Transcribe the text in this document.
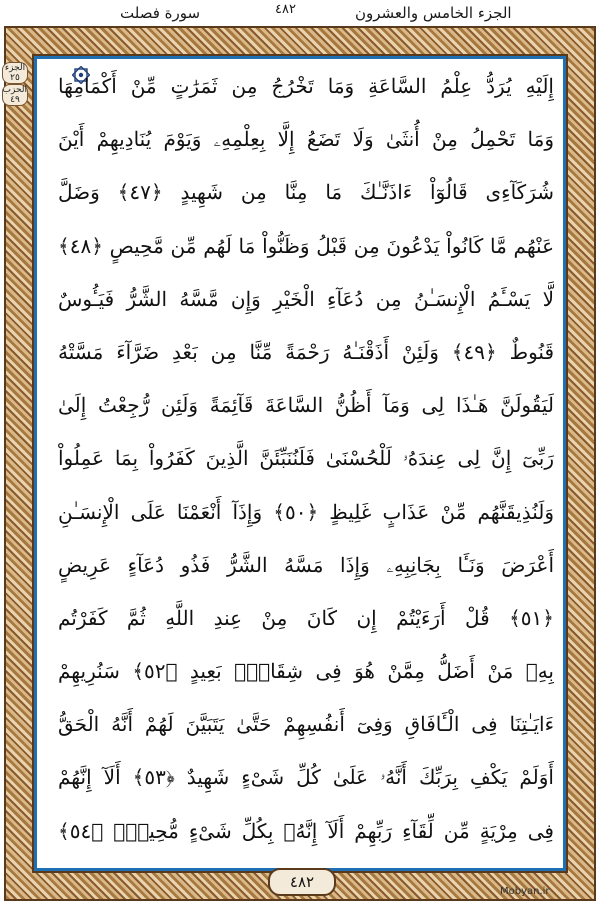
الجزء الخامس والعشرون
٤٨٢
سورة فصلت
الجزء ٢٥
الحزب ٤٩
إِلَيْهِ يُرَدُّ عِلْمُ السَّاعَةِ وَمَا تَخْرُجُ مِن ثَمَرَٰتٍ مِّنْ أَكْمَامِهَا
وَمَا تَحْمِلُ مِنْ أُنثَىٰ وَلَا تَضَعُ إِلَّا بِعِلْمِهِۦ وَيَوْمَ يُنَادِيهِمْ أَيْنَ
شُرَكَآءِى قَالُوٓاْ ءَاذَنَّـٰكَ مَا مِنَّا مِن شَهِيدٍ ﴿٤٧﴾ وَضَلَّ
عَنْهُم مَّا كَانُواْ يَدْعُونَ مِن قَبْلُ وَظَنُّواْ مَا لَهُم مِّن مَّحِيصٍ ﴿٤٨﴾
لَّا يَسْـَٔمُ الْإِنسَـٰنُ مِن دُعَآءِ الْخَيْرِ وَإِن مَّسَّهُ الشَّرُّ فَيَـُٔوسٌ
قَنُوطٌ ﴿٤٩﴾ وَلَئِنْ أَذَقْنَـٰهُ رَحْمَةً مِّنَّا مِن بَعْدِ ضَرَّآءَ مَسَّتْهُ
لَيَقُولَنَّ هَـٰذَا لِى وَمَآ أَظُنُّ السَّاعَةَ قَآئِمَةً وَلَئِن رُّجِعْتُ إِلَىٰ
رَبِّىٓ إِنَّ لِى عِندَهُۥ لَلْحُسْنَىٰ فَلَنُنَبِّئَنَّ الَّذِينَ كَفَرُواْ بِمَا عَمِلُواْ
وَلَنُذِيقَنَّهُم مِّنْ عَذَابٍ غَلِيظٍ ﴿٥٠﴾ وَإِذَآ أَنْعَمْنَا عَلَى الْإِنسَـٰنِ
أَعْرَضَ وَنَـَٔا بِجَانِبِهِۦ وَإِذَا مَسَّهُ الشَّرُّ فَذُو دُعَآءٍ عَرِيضٍ
﴿٥١﴾ قُلْ أَرَءَيْتُمْ إِن كَانَ مِنْ عِندِ اللَّهِ ثُمَّ كَفَرْتُم
بِهِۦ مَنْ أَضَلُّ مِمَّنْ هُوَ فِى شِقَاقٍۭ بَعِيدٍ ﴿٥٢﴾ سَنُرِيهِمْ
ءَايَـٰتِنَا فِى الْـَٔافَاقِ وَفِىٓ أَنفُسِهِمْ حَتَّىٰ يَتَبَيَّنَ لَهُمْ أَنَّهُ الْحَقُّ
أَوَلَمْ يَكْفِ بِرَبِّكَ أَنَّهُۥ عَلَىٰ كُلِّ شَىْءٍ شَهِيدٌ ﴿٥٣﴾ أَلَآ إِنَّهُمْ
فِى مِرْيَةٍ مِّن لِّقَآءِ رَبِّهِمْ أَلَآ إِنَّهُۥ بِكُلِّ شَىْءٍ مُّحِيطٌۢ ﴿٥٤﴾
٤٨٢
Mobyan.ir
